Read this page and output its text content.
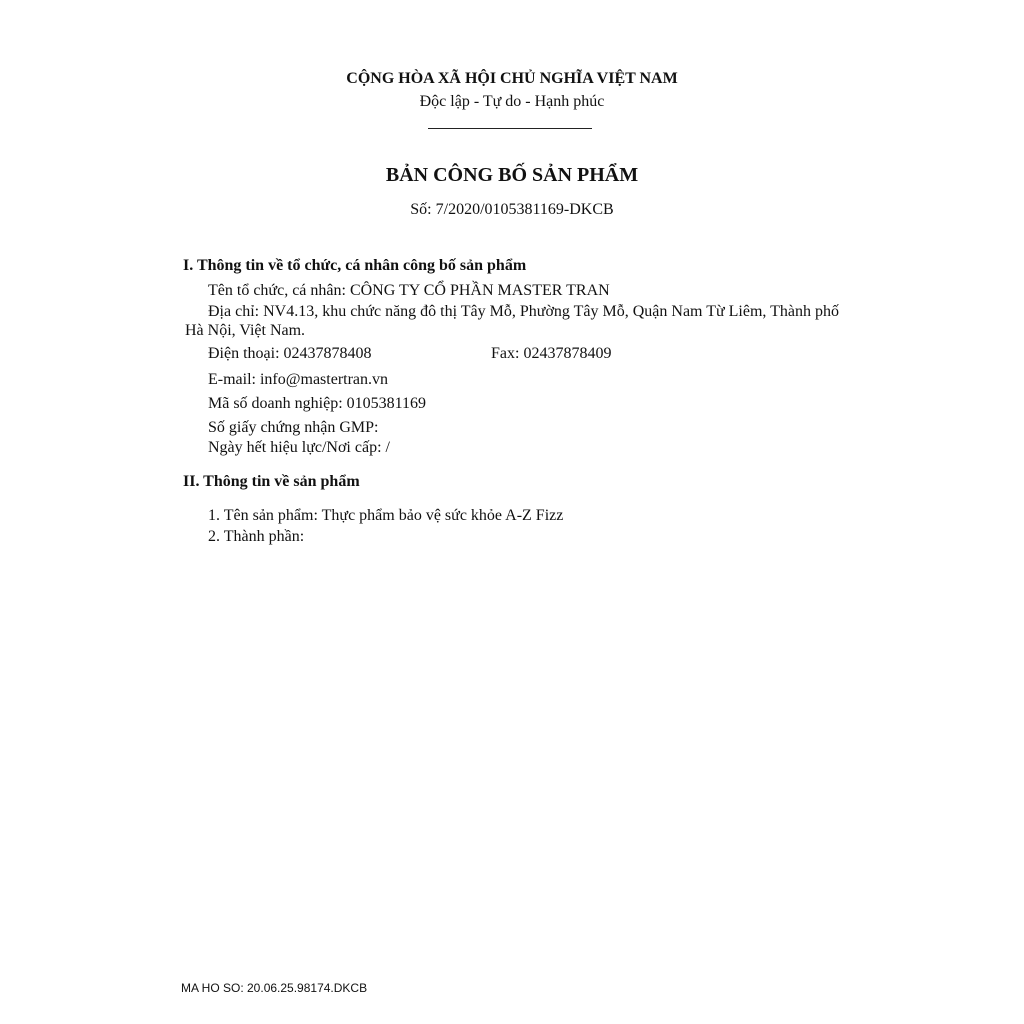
CỘNG HÒA XÃ HỘI CHỦ NGHĨA VIỆT NAM
Độc lập - Tự do - Hạnh phúc
BẢN CÔNG BỐ SẢN PHẨM
Số: 7/2020/0105381169-DKCB
I. Thông tin về tổ chức, cá nhân công bố sản phẩm
Tên tổ chức, cá nhân: CÔNG TY CỔ PHẦN MASTER TRAN
Địa chỉ: NV4.13, khu chức năng đô thị Tây Mỗ, Phường Tây Mỗ, Quận Nam Từ Liêm, Thành phố Hà Nội, Việt Nam.
Điện thoại: 02437878408	Fax: 02437878409
E-mail: info@mastertran.vn
Mã số doanh nghiệp: 0105381169
Số giấy chứng nhận GMP:
Ngày hết hiệu lực/Nơi cấp: /
II. Thông tin về sản phẩm
1. Tên sản phẩm: Thực phẩm bảo vệ sức khỏe A-Z Fizz
2. Thành phần:
MA HO SO: 20.06.25.98174.DKCB
